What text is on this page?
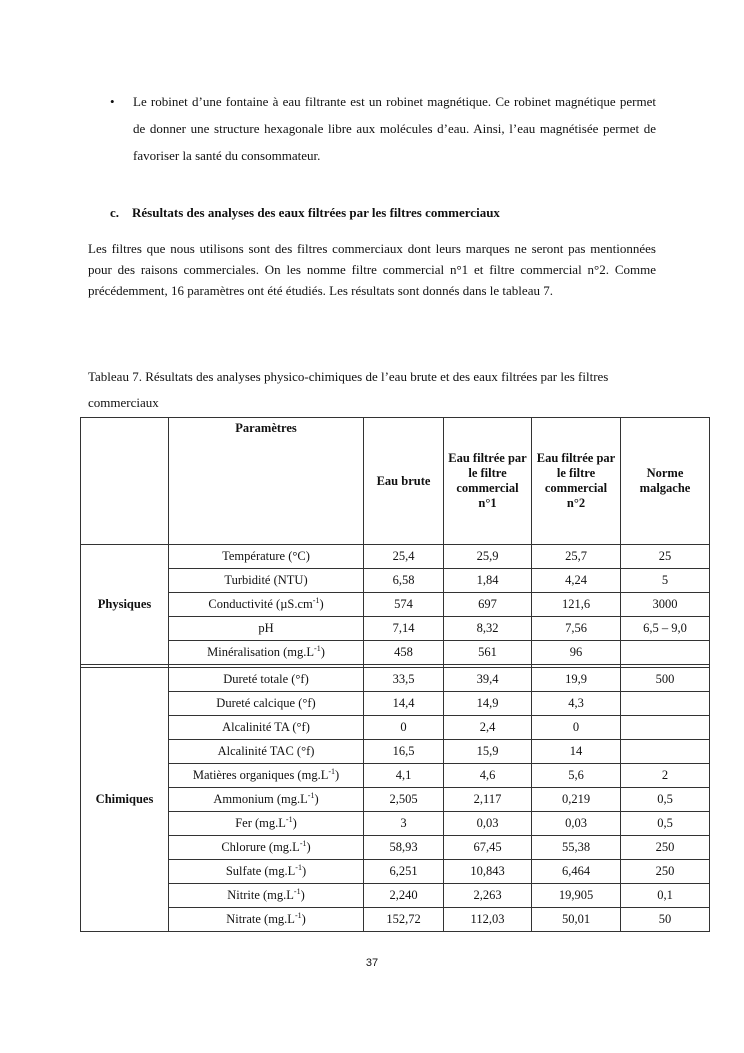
• Le robinet d’une fontaine à eau filtrante est un robinet magnétique. Ce robinet magnétique permet de donner une structure hexagonale libre aux molécules d’eau. Ainsi, l’eau magnétisée permet de favoriser la santé du consommateur.
c. Résultats des analyses des eaux filtrées par les filtres commerciaux
Les filtres que nous utilisons sont des filtres commerciaux dont leurs marques ne seront pas mentionnées pour des raisons commerciales. On les nomme filtre commercial n°1 et filtre commercial n°2. Comme précédemment, 16 paramètres ont été étudiés. Les résultats sont donnés dans le tableau 7.
Tableau 7. Résultats des analyses physico-chimiques de l’eau brute et des eaux filtrées par les filtres commerciaux
	Paramètres	Eau brute	Eau filtrée par le filtre commercial n°1	Eau filtrée par le filtre commercial n°2	Norme malgache
Physiques	Température (°C)	25,4	25,9	25,7	25
	Turbidité (NTU)	6,58	1,84	4,24	5
	Conductivité $(\mu S.cm^{-1})$	574	697	121,6	3000
	pH	7,14	8,32	7,56	6,5 – 9,0
	Minéralisation $(mg.L^{-1})$	458	561	96	

Chimiques	Dureté totale (°f)	33,5	39,4	19,9	500
	Dureté calcique (°f)	14,4	14,9	4,3	
	Alcalinité TA (°f)	0	2,4	0	
	Alcalinité TAC (°f)	16,5	15,9	14	
	Matières organiques $(mg.L^{-1})$	4,1	4,6	5,6	2
	Ammonium $(mg.L^{-1})$	2,505	2,117	0,219	0,5
	Fer $(mg.L^{-1})$	3	0,03	0,03	0,5
	Chlorure $(mg.L^{-1})$	58,93	67,45	55,38	250
	Sulfate $(mg.L^{-1})$	6,251	10,843	6,464	250
	Nitrite $(mg.L^{-1})$	2,240	2,263	19,905	0,1
	Nitrate $(mg.L^{-1})$	152,72	112,03	50,01	50
37
